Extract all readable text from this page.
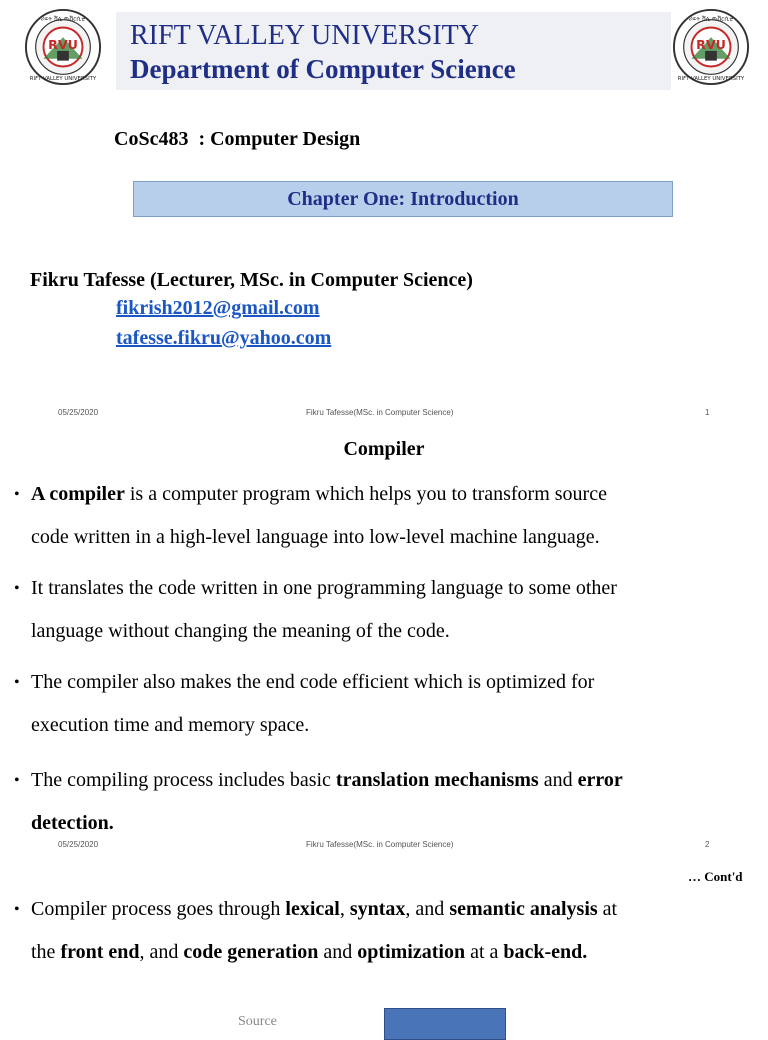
RVU
ሪፍት ቫሊ ዩኒቨርሲቲ
RIFT VALLEY UNIVERSITY
RIFT VALLEY UNIVERSITY
Department of Computer Science
RVU
ሪፍት ቫሊ ዩኒቨርሲቲ
RIFT VALLEY UNIVERSITY
CoSc483  : Computer Design
Chapter One: Introduction
Fikru Tafesse (Lecturer, MSc. in Computer Science)
fikrish2012@gmail.com
tafesse.fikru@yahoo.com
05/25/2020	Fikru Tafesse(MSc. in Computer Science)	1
Compiler
• A compiler is a computer program which helps you to transform source
code written in a high-level language into low-level machine language.
• It translates the code written in one programming language to some other
language without changing the meaning of the code.
• The compiler also makes the end code efficient which is optimized for
execution time and memory space.
• The compiling process includes basic translation mechanisms and error
detection.
05/25/2020	Fikru Tafesse(MSc. in Computer Science)	2
… Cont'd
• Compiler process goes through lexical, syntax, and semantic analysis at
the front end, and code generation and optimization at a back-end.
Source
